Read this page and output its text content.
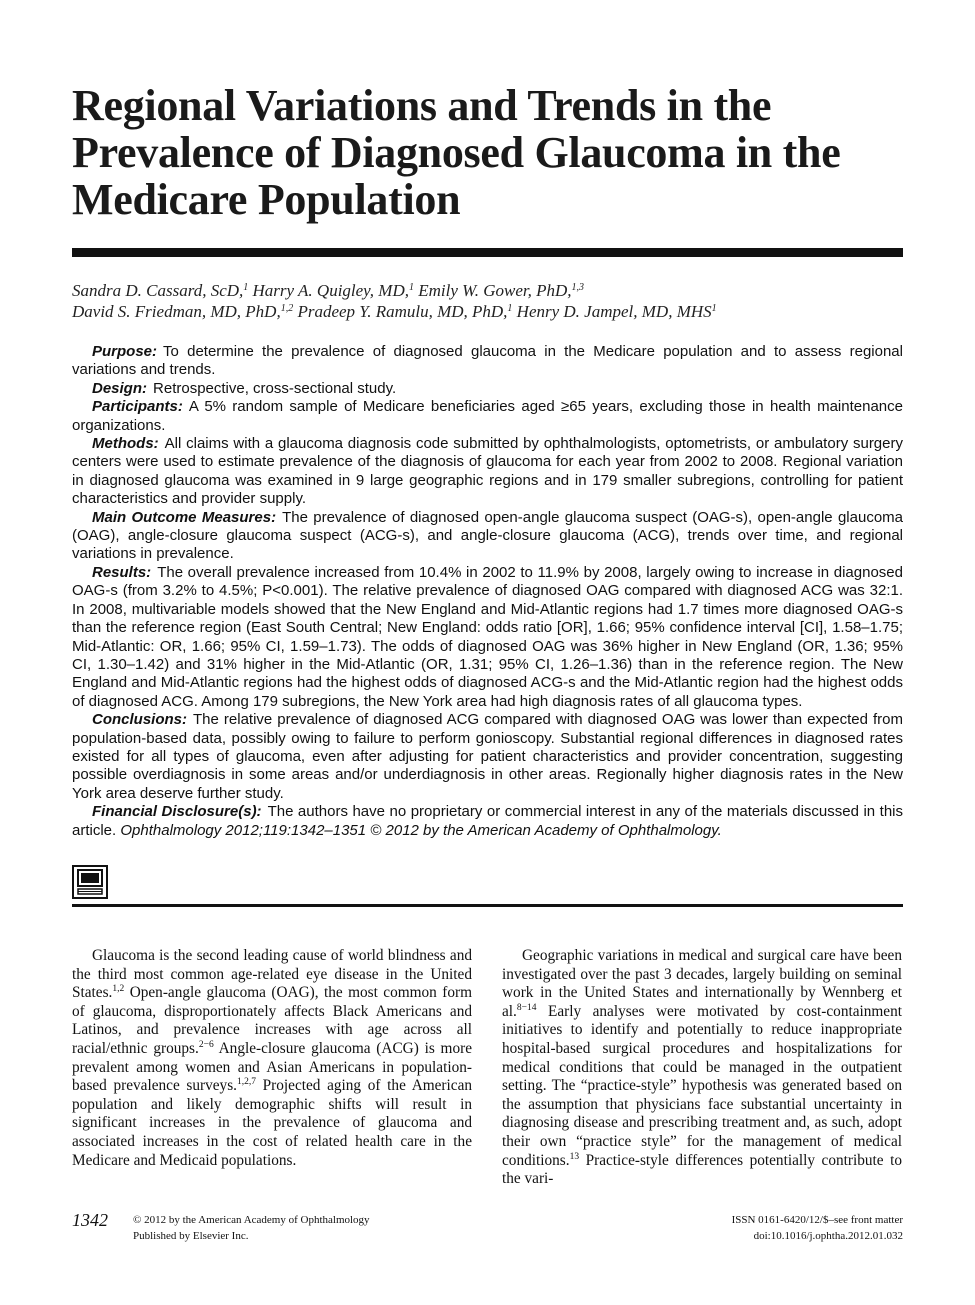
Regional Variations and Trends in the Prevalence of Diagnosed Glaucoma in the Medicare Population
Sandra D. Cassard, ScD,$^1$ Harry A. Quigley, MD,$^1$ Emily W. Gower, PhD,$^{1,3}$
David S. Friedman, MD, PhD,$^{1,2}$ Pradeep Y. Ramulu, MD, PhD,$^1$ Henry D. Jampel, MD, MHS$^1$

Purpose: To determine the prevalence of diagnosed glaucoma in the Medicare population and to assess regional variations and trends.

Design: Retrospective, cross-sectional study.

Participants: A 5% random sample of Medicare beneficiaries aged ≥65 years, excluding those in health maintenance organizations.

Methods: All claims with a glaucoma diagnosis code submitted by ophthalmologists, optometrists, or ambulatory surgery centers were used to estimate prevalence of the diagnosis of glaucoma for each year from 2002 to 2008. Regional variation in diagnosed glaucoma was examined in 9 large geographic regions and in 179 smaller subregions, controlling for patient characteristics and provider supply.

Main Outcome Measures: The prevalence of diagnosed open-angle glaucoma suspect (OAG-s), open-angle glaucoma (OAG), angle-closure glaucoma suspect (ACG-s), and angle-closure glaucoma (ACG), trends over time, and regional variations in prevalence.

Results: The overall prevalence increased from 10.4% in 2002 to 11.9% by 2008, largely owing to increase in diagnosed OAG-s (from 3.2% to 4.5%; P<0.001). The relative prevalence of diagnosed OAG compared with diagnosed ACG was 32:1. In 2008, multivariable models showed that the New England and Mid-Atlantic regions had 1.7 times more diagnosed OAG-s than the reference region (East South Central; New England: odds ratio [OR], 1.66; 95% confidence interval [CI], 1.58–1.75; Mid-Atlantic: OR, 1.66; 95% CI, 1.59–1.73). The odds of diagnosed OAG was 36% higher in New England (OR, 1.36; 95% CI, 1.30–1.42) and 31% higher in the Mid-Atlantic (OR, 1.31; 95% CI, 1.26–1.36) than in the reference region. The New England and Mid-Atlantic regions had the highest odds of diagnosed ACG-s and the Mid-Atlantic region had the highest odds of diagnosed ACG. Among 179 subregions, the New York area had high diagnosis rates of all glaucoma types.

Conclusions: The relative prevalence of diagnosed ACG compared with diagnosed OAG was lower than expected from population-based data, possibly owing to failure to perform gonioscopy. Substantial regional differences in diagnosed rates existed for all types of glaucoma, even after adjusting for patient characteristics and provider concentration, suggesting possible overdiagnosis in some areas and/or underdiagnosis in other areas. Regionally higher diagnosis rates in the New York area deserve further study.

Financial Disclosure(s): The authors have no proprietary or commercial interest in any of the materials discussed in this article. Ophthalmology 2012;119:1342–1351 © 2012 by the American Academy of Ophthalmology.

Glaucoma is the second leading cause of world blindness and the third most common age-related eye disease in the United States.$^{1,2}$ Open-angle glaucoma (OAG), the most common form of glaucoma, disproportionately affects Black Americans and Latinos, and prevalence increases with age across all racial/ethnic groups.$^{2-6}$ Angle-closure glaucoma (ACG) is more prevalent among women and Asian Americans in population-based prevalence surveys.$^{1,2,7}$ Projected aging of the American population and likely demographic shifts will result in significant increases in the prevalence of glaucoma and associated increases in the cost of related health care in the Medicare and Medicaid populations.

Geographic variations in medical and surgical care have been investigated over the past 3 decades, largely building on seminal work in the United States and internationally by Wennberg et al.$^{8-14}$ Early analyses were motivated by cost-containment initiatives to identify and potentially to reduce inappropriate hospital-based surgical procedures and hospitalizations for medical conditions that could be managed in the outpatient setting. The “practice-style” hypothesis was generated based on the assumption that physicians face substantial uncertainty in diagnosing disease and prescribing treatment and, as such, adopt their own “practice style” for the management of medical conditions.$^{13}$ Practice-style differences potentially contribute to the vari-

1342 © 2012 by the American Academy of Ophthalmology
Published by Elsevier Inc.
ISSN 0161-6420/12/$–see front matter
doi:10.1016/j.ophtha.2012.01.032
